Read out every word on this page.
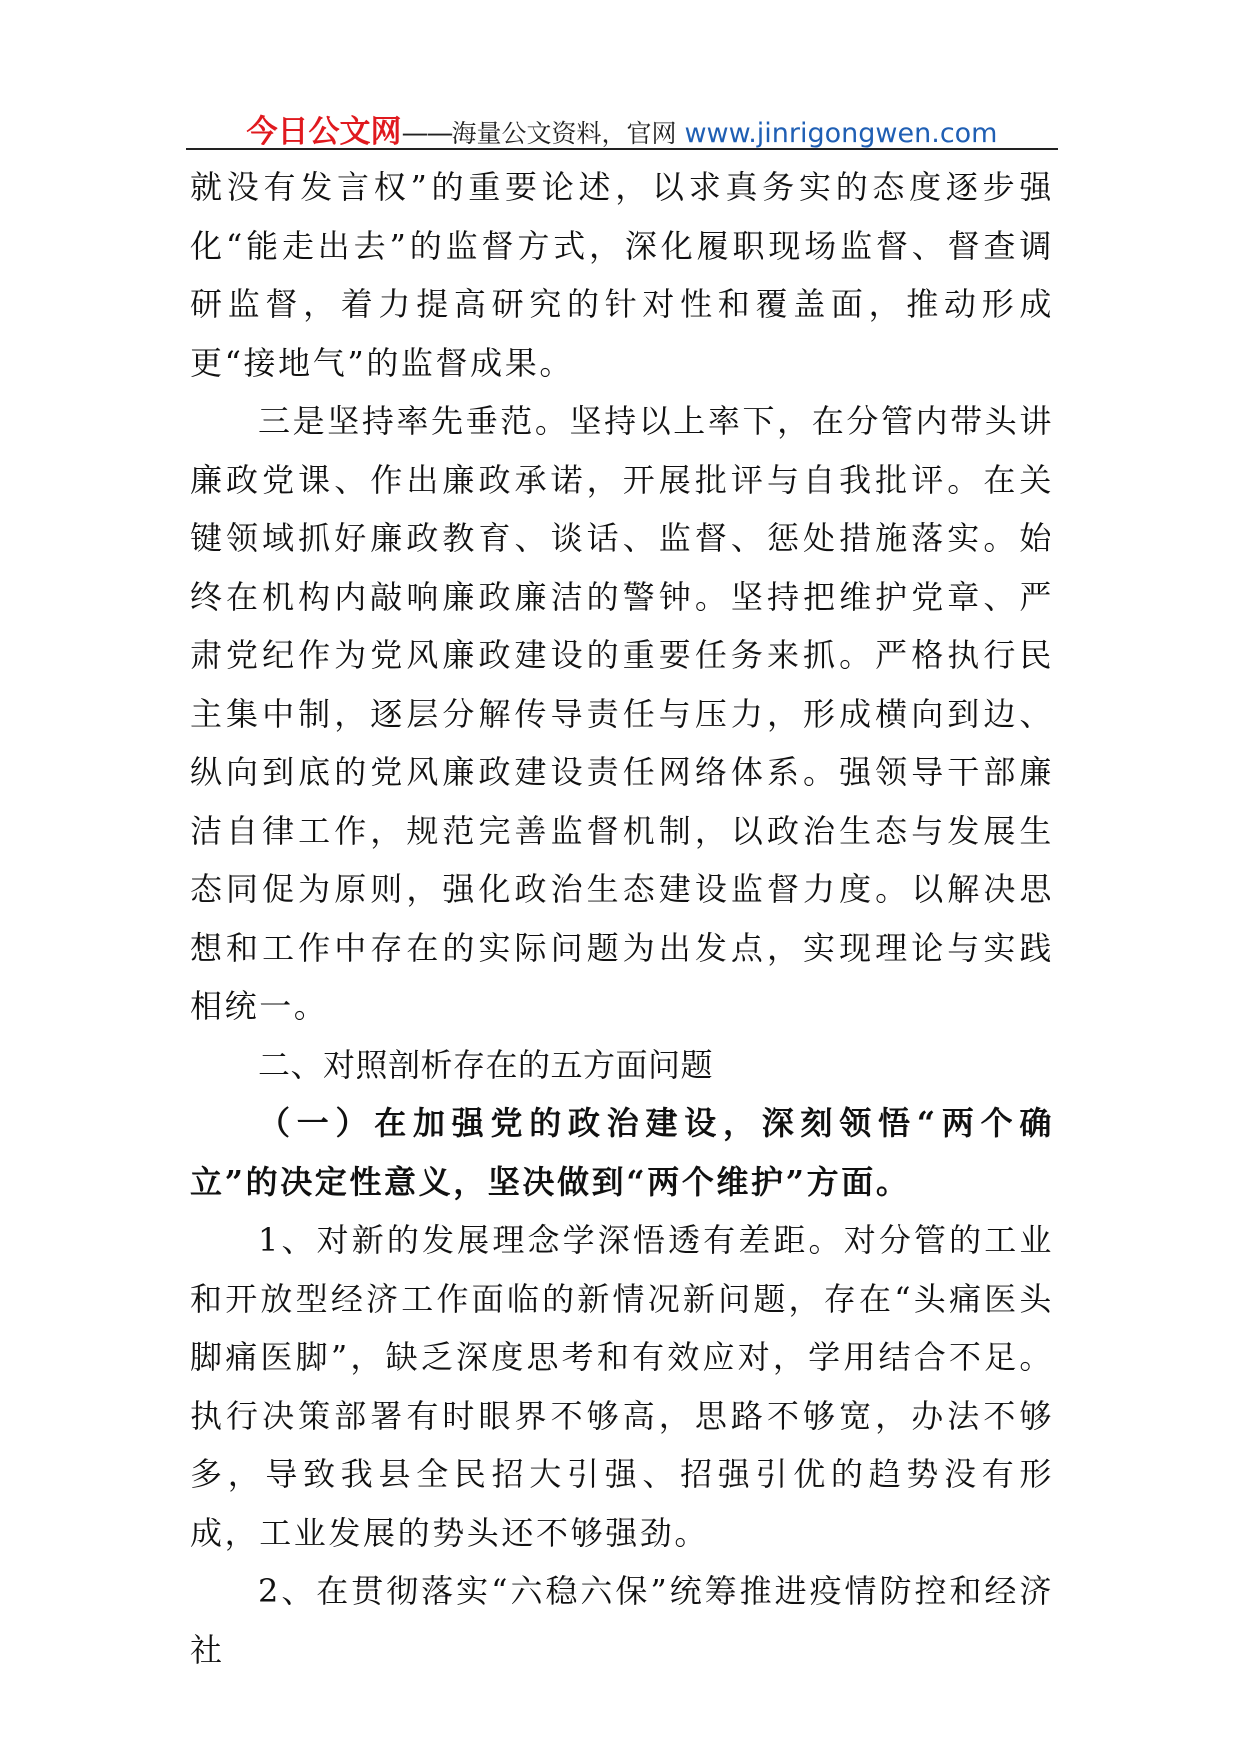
今日公文网——海量公文资料，官网 www.jinrigongwen.com

就没有发言权”的重要论述，以求真务实的态度逐步强化“能走出去”的监督方式，深化履职现场监督、督查调研监督，着力提高研究的针对性和覆盖面，推动形成更“接地气”的监督成果。

三是坚持率先垂范。坚持以上率下，在分管内带头讲廉政党课、作出廉政承诺，开展批评与自我批评。在关键领域抓好廉政教育、谈话、监督、惩处措施落实。始终在机构内敲响廉政廉洁的警钟。坚持把维护党章、严肃党纪作为党风廉政建设的重要任务来抓。严格执行民主集中制，逐层分解传导责任与压力，形成横向到边、纵向到底的党风廉政建设责任网络体系。强领导干部廉洁自律工作，规范完善监督机制，以政治生态与发展生态同促为原则，强化政治生态建设监督力度。以解决思想和工作中存在的实际问题为出发点，实现理论与实践相统一。

二、对照剖析存在的五方面问题

（一）在加强党的政治建设，深刻领悟“两个确立”的决定性意义，坚决做到“两个维护”方面。

1、对新的发展理念学深悟透有差距。对分管的工业和开放型经济工作面临的新情况新问题，存在“头痛医头脚痛医脚”，缺乏深度思考和有效应对，学用结合不足。执行决策部署有时眼界不够高，思路不够宽，办法不够多，导致我县全民招大引强、招强引优的趋势没有形成，工业发展的势头还不够强劲。

2、在贯彻落实“六稳六保”统筹推进疫情防控和经济社
